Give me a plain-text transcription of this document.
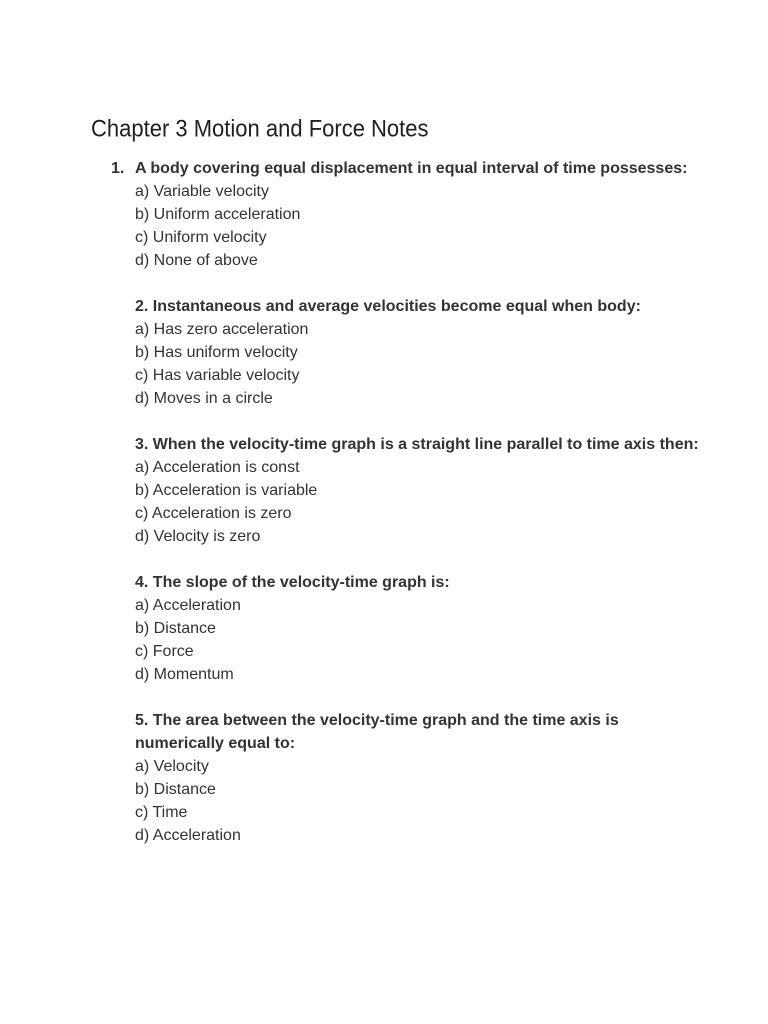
Chapter 3 Motion and Force Notes
1. A body covering equal displacement in equal interval of time possesses:

a) Variable velocity

b) Uniform acceleration

c) Uniform velocity

d) None of above

2. Instantaneous and average velocities become equal when body:

a) Has zero acceleration

b) Has uniform velocity

c) Has variable velocity

d) Moves in a circle

3. When the velocity-time graph is a straight line parallel to time axis then:

a) Acceleration is const

b) Acceleration is variable

c) Acceleration is zero

d) Velocity is zero

4. The slope of the velocity-time graph is:

a) Acceleration

b) Distance

c) Force

d) Momentum

5. The area between the velocity-time graph and the time axis is numerically equal to:

a) Velocity

b) Distance

c) Time

d) Acceleration
